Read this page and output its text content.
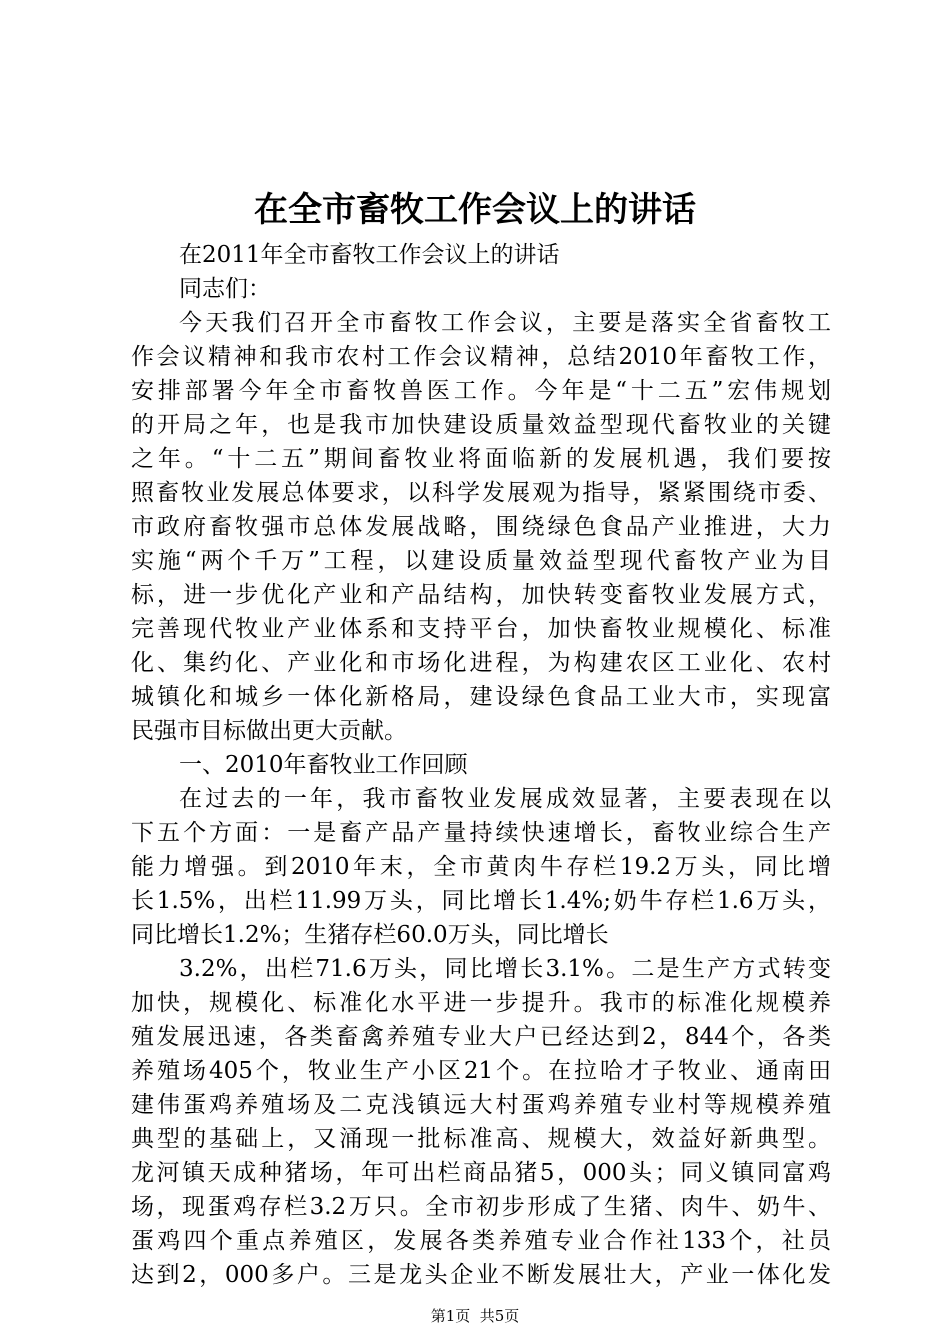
在全市畜牧工作会议上的讲话
在2011年全市畜牧工作会议上的讲话
同志们：
今天我们召开全市畜牧工作会议，主要是落实全省畜牧工
作会议精神和我市农村工作会议精神，总结2010年畜牧工作，
安排部署今年全市畜牧兽医工作。今年是“十二五”宏伟规划
的开局之年，也是我市加快建设质量效益型现代畜牧业的关键
之年。“十二五”期间畜牧业将面临新的发展机遇，我们要按
照畜牧业发展总体要求，以科学发展观为指导，紧紧围绕市委、
市政府畜牧强市总体发展战略，围绕绿色食品产业推进，大力
实施“两个千万”工程，以建设质量效益型现代畜牧产业为目
标，进一步优化产业和产品结构，加快转变畜牧业发展方式，
完善现代牧业产业体系和支持平台，加快畜牧业规模化、标准
化、集约化、产业化和市场化进程，为构建农区工业化、农村
城镇化和城乡一体化新格局，建设绿色食品工业大市，实现富
民强市目标做出更大贡献。
一、2010年畜牧业工作回顾
在过去的一年，我市畜牧业发展成效显著，主要表现在以
下五个方面：一是畜产品产量持续快速增长，畜牧业综合生产
能力增强。到2010年末，全市黄肉牛存栏19.2万头，同比增
长1.5%，出栏11.99万头，同比增长1.4%;奶牛存栏1.6万头，
同比增长1.2%；生猪存栏60.0万头，同比增长
3.2%，出栏71.6万头，同比增长3.1%。二是生产方式转变
加快，规模化、标准化水平进一步提升。我市的标准化规模养
殖发展迅速，各类畜禽养殖专业大户已经达到2，844个，各类
养殖场405个，牧业生产小区21个。在拉哈才子牧业、通南田
建伟蛋鸡养殖场及二克浅镇远大村蛋鸡养殖专业村等规模养殖
典型的基础上，又涌现一批标准高、规模大，效益好新典型。
龙河镇天成种猪场，年可出栏商品猪5，000头；同义镇同富鸡
场，现蛋鸡存栏3.2万只。全市初步形成了生猪、肉牛、奶牛、
蛋鸡四个重点养殖区，发展各类养殖专业合作社133个，社员
达到2，000多户。三是龙头企业不断发展壮大，产业一体化发
第1页  共5页
